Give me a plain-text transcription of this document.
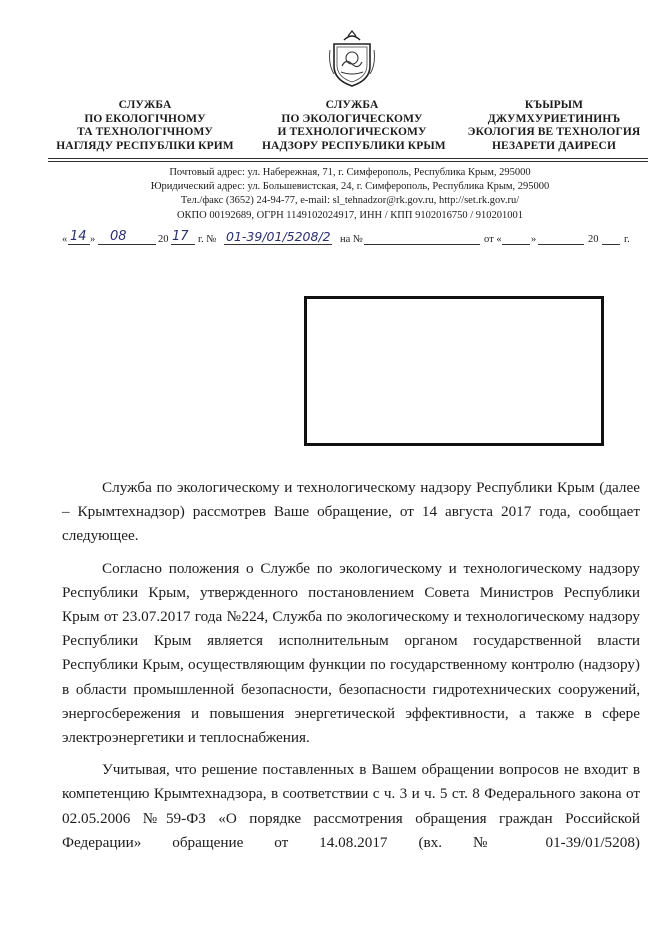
СЛУЖБА
ПО ЕКОЛОГІЧНОМУ
ТА ТЕХНОЛОГІЧНОМУ
НАГЛЯДУ РЕСПУБЛІКИ КРИМ
СЛУЖБА
ПО ЭКОЛОГИЧЕСКОМУ
И ТЕХНОЛОГИЧЕСКОМУ
НАДЗОРУ РЕСПУБЛИКИ КРЫМ
КЪЫРЫМ
ДЖУМХУРИЕТИНИНЪ
ЭКОЛОГИЯ ВЕ ТЕХНОЛОГИЯ
НЕЗАРЕТИ ДАИРЕСИ
Почтовый адрес: ул. Набережная, 71, г. Симферополь, Республика Крым, 295000
Юридический адрес: ул. Большевистская, 24, г. Симферополь, Республика Крым, 295000
Тел./факс (3652) 24-94-77, e-mail: sl_tehnadzor@rk.gov.ru, http://set.rk.gov.ru/
ОКПО 00192689, ОГРН 1149102024917, ИНН / КПП 9102016750 / 910201001
« 14 » 08	20 17 г. № 01-39/01/5208/2 на №	от «	»	20 г.

Служба по экологическому и технологическому надзору Республики Крым (далее – Крымтехнадзор) рассмотрев Ваше обращение, от 14 августа 2017 года, сообщает следующее.

Согласно положения о Службе по экологическому и технологическому надзору Республики Крым, утвержденного постановлением Совета Министров Республики Крым от 23.07.2017 года №224, Служба по экологическому и технологическому надзору Республики Крым является исполнительным органом государственной власти Республики Крым, осуществляющим функции по государственному контролю (надзору) в области промышленной безопасности, безопасности гидротехнических сооружений, энергосбережения и повышения энергетической эффективности, а также в сфере электроэнергетики и теплоснабжения.

Учитывая, что решение поставленных в Вашем обращении вопросов не входит в компетенцию Крымтехнадзора, в соответствии с ч. 3 и ч. 5 ст. 8 Федерального закона от 02.05.2006 №59-ФЗ «О порядке рассмотрения обращения граждан Российской Федерации» обращение от 14.08.2017 (вх. № 01-39/01/5208)
